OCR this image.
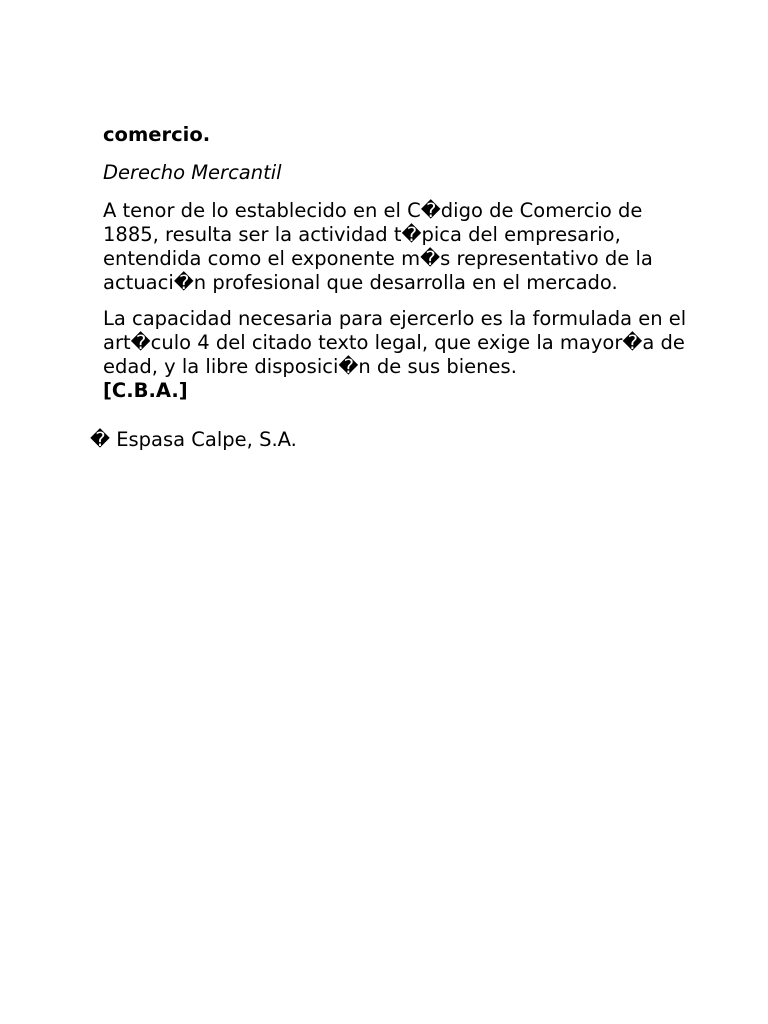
comercio.
Derecho Mercantil
A tenor de lo establecido en el C�digo de Comercio de 1885, resulta ser la actividad t�pica del empresario, entendida como el exponente m�s representativo de la actuaci�n profesional que desarrolla en el mercado.
La capacidad necesaria para ejercerlo es la formulada en el art�culo 4 del citado texto legal, que exige la mayor�a de edad, y la libre disposici�n de sus bienes.
[C.B.A.]
� Espasa Calpe, S.A.
